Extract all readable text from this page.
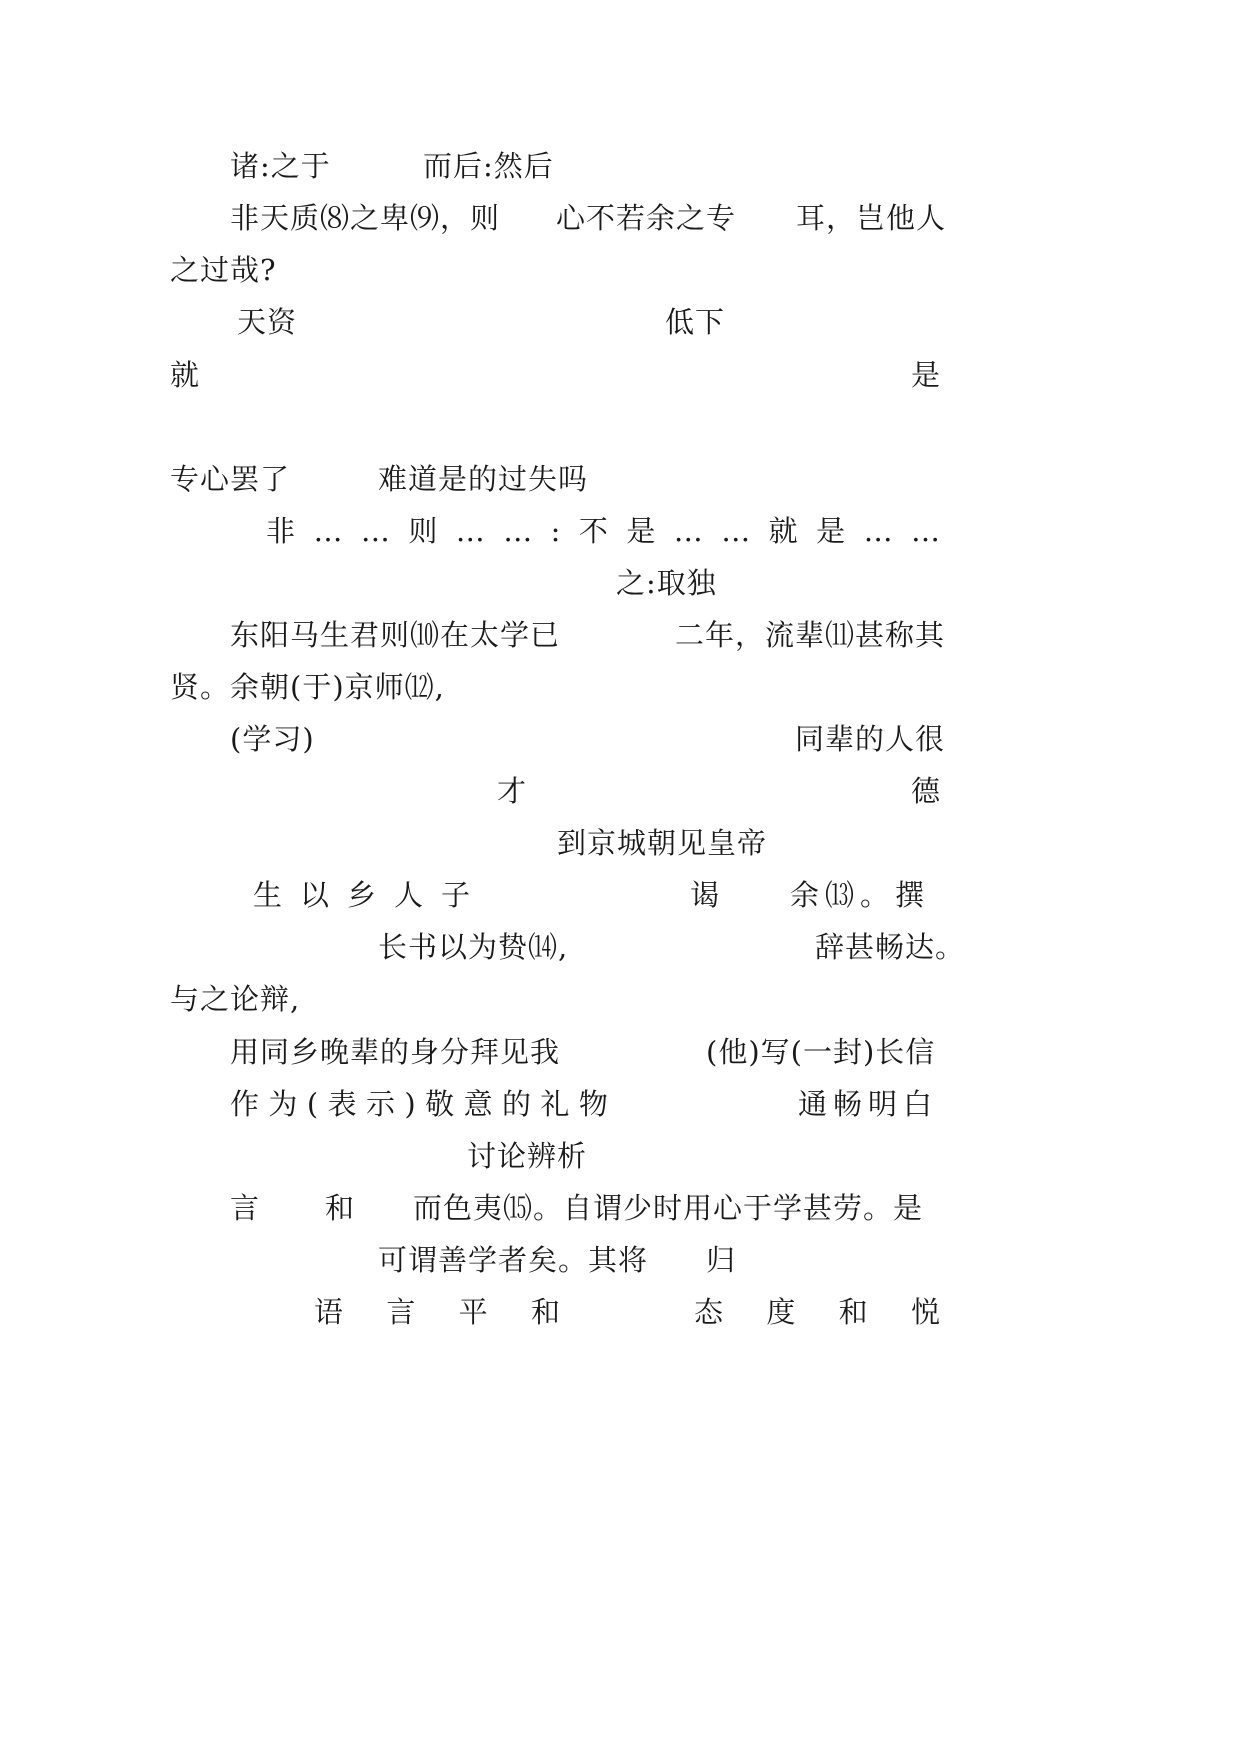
诸:之于	而后:然后
非天质⑻之卑⑼，则 心不若余之专 耳，岂他人
之过哉?
天资	低下
就	是
专心罢了	难道是的过失吗
非 … … 则 … … : 不 是 … … 就 是 … …
之:取独
东阳马生君则⑽在太学已	二年，流辈⑾甚称其
贤。余朝(于)京师⑿,
(学习)	同辈的人很
才	德
到京城朝见皇帝
生以乡人子	谒 余⒀。撰
长书以为贽⒁,	辞甚畅达。
与之论辩,
用同乡晚辈的身分拜见我	(他)写(一封)长信
作 为 ( 表 示 ) 敬 意 的 礼 物	通畅明白
讨论辨析
言 和 而色夷⒂。自谓少时用心于学甚劳。是
可谓善学者矣。其将 归
语 言 平 和	态 度 和 悦
